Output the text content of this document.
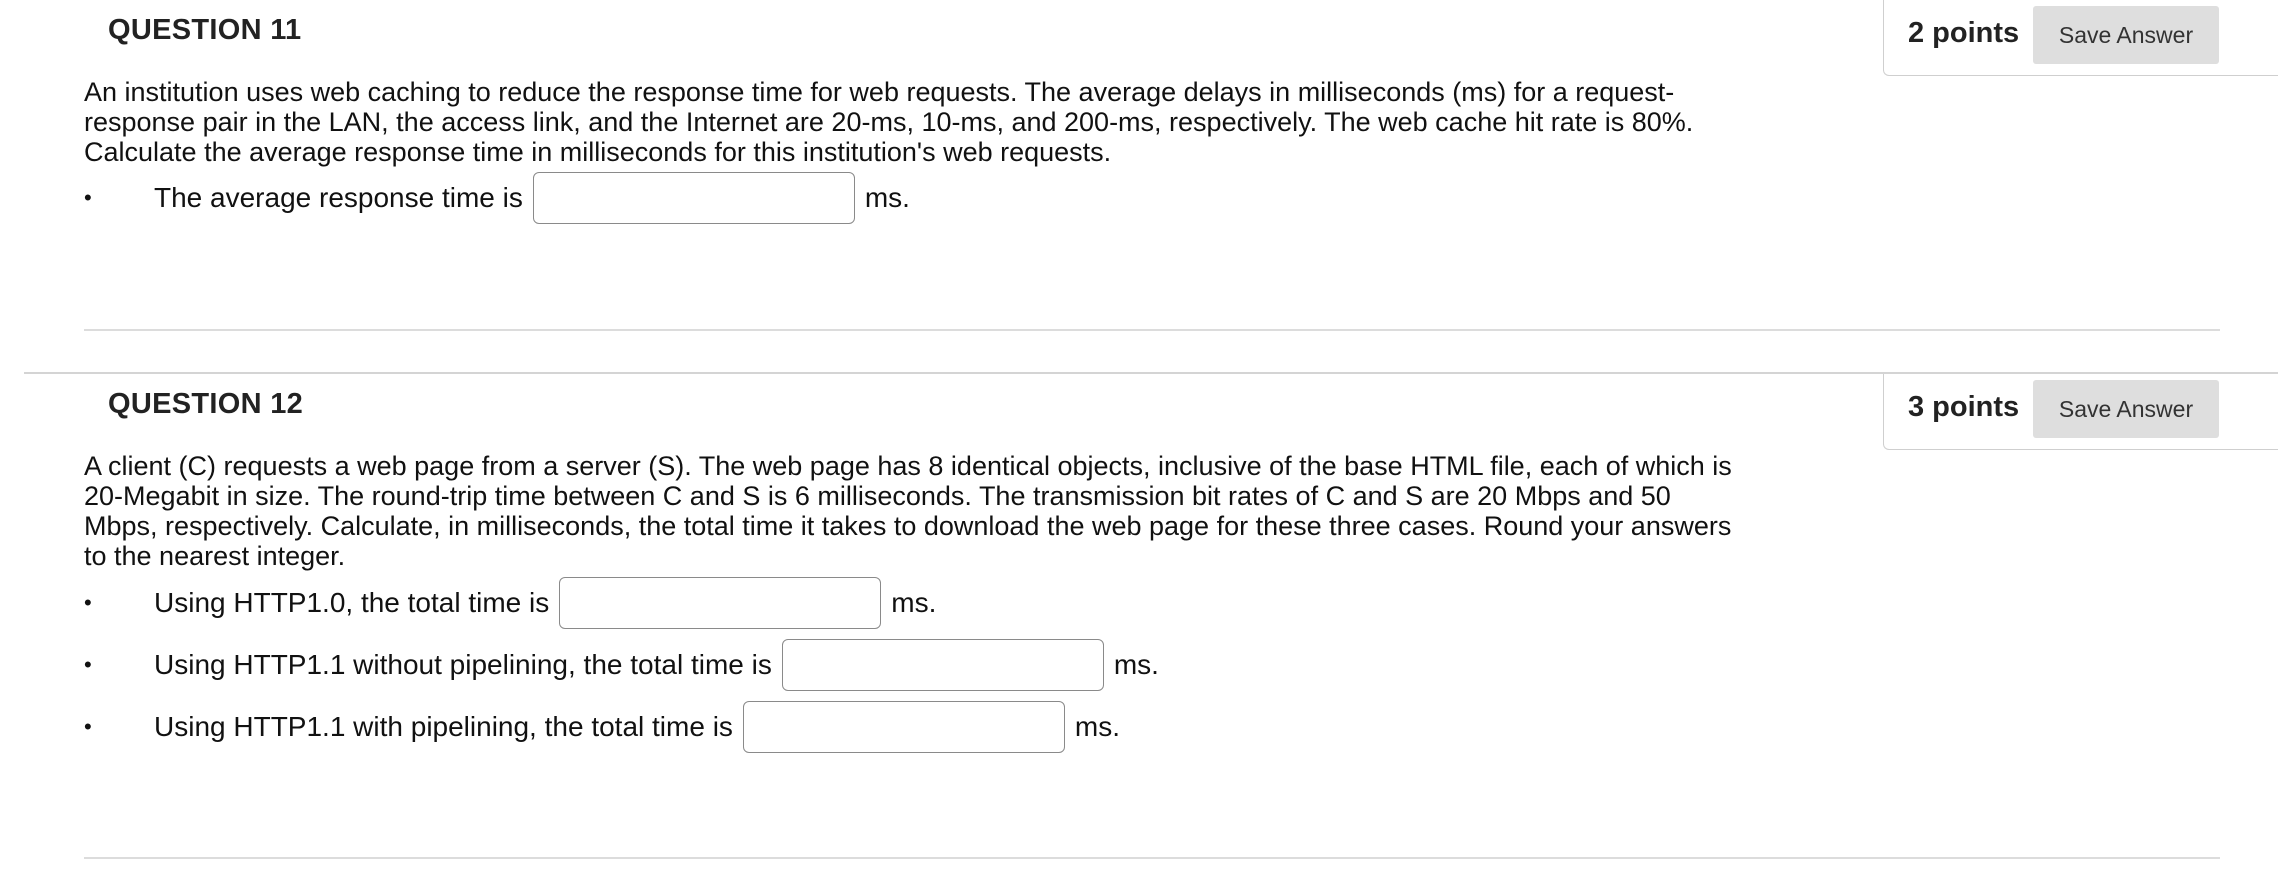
QUESTION 11	2 points	Save Answer
An institution uses web caching to reduce the response time for web requests. The average delays in milliseconds (ms) for a request-response pair in the LAN, the access link, and the Internet are 20-ms, 10-ms, and 200-ms, respectively. The web cache hit rate is 80%. Calculate the average response time in milliseconds for this institution's web requests.
•	The average response time is	ms.
QUESTION 12	3 points	Save Answer
A client (C) requests a web page from a server (S). The web page has 8 identical objects, inclusive of the base HTML file, each of which is 20-Megabit in size. The round-trip time between C and S is 6 milliseconds. The transmission bit rates of C and S are 20 Mbps and 50 Mbps, respectively. Calculate, in milliseconds, the total time it takes to download the web page for these three cases. Round your answers to the nearest integer.
•	Using HTTP1.0, the total time is	ms.
•	Using HTTP1.1 without pipelining, the total time is	ms.
•	Using HTTP1.1 with pipelining, the total time is	ms.
